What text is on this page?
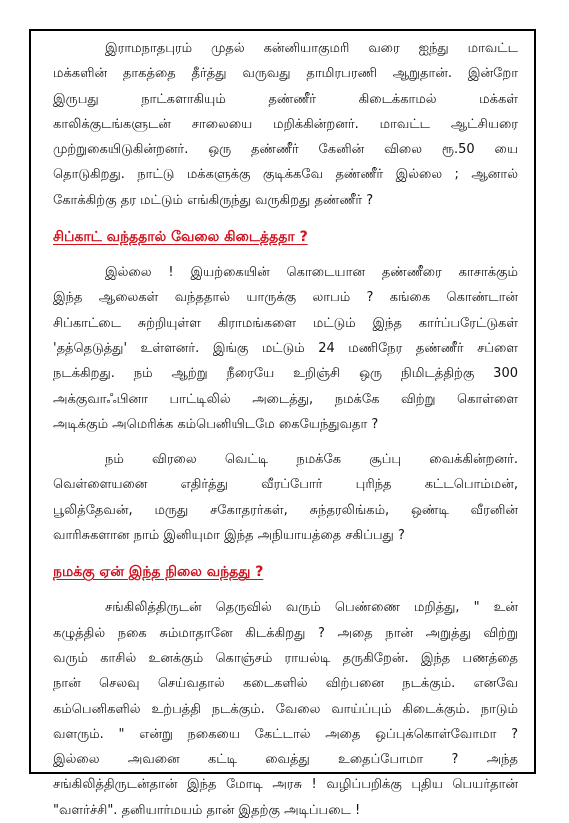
இராமநாதபுரம் முதல் கன்னியாகுமரி வரை ஐந்து மாவட்ட
மக்களின் தாகத்தை தீர்த்து வருவது தாமிரபரணி ஆறுதான். இன்றோ
இருபது நாட்களாகியும் தண்ணீர் கிடைக்காமல் மக்கள்
காலிக்குடங்களுடன் சாலையை மறிக்கின்றனர். மாவட்ட ஆட்சியரை
முற்றுகையிடுகின்றனர். ஒரு தண்ணீர் கேனின் விலை ரூ.50 யை
தொடுகிறது. நாட்டு மக்களுக்கு குடிக்கவே தண்ணீர் இல்லை ; ஆனால்
கோக்கிற்கு தர மட்டும் எங்கிருந்து வருகிறது தண்ணீர் ?
சிப்காட் வந்ததால் வேலை கிடைத்ததா ?
இல்லை ! இயற்கையின் கொடையான தண்ணீரை காசாக்கும்
இந்த ஆலைகள் வந்ததால் யாருக்கு லாபம் ? கங்கை கொண்டான்
சிப்காட்டை சுற்றியுள்ள கிராமங்களை மட்டும் இந்த கார்ப்பரேட்டுகள்
'தத்தெடுத்து' உள்ளனர். இங்கு மட்டும் 24 மணிநேர தண்ணீர் சப்ளை
நடக்கிறது. நம் ஆற்று நீரையே உறிஞ்சி ஒரு நிமிடத்திற்கு 300
அக்குவாஃபினா பாட்டிலில் அடைத்து, நமக்கே விற்று கொள்ளை
அடிக்கும் அமெரிக்க கம்பெனியிடமே கையேந்துவதா ?
நம் விரலை வெட்டி நமக்கே சூப்பு வைக்கின்றனர்.
வெள்ளையனை எதிர்த்து வீரப்போர் புரிந்த கட்டபொம்மன்,
பூலித்தேவன், மருது சகோதரர்கள், சுந்தரலிங்கம், ஒண்டி வீரனின்
வாரிசுகளான நாம் இனியுமா இந்த அநியாயத்தை சகிப்பது ?
நமக்கு ஏன் இந்த நிலை வந்தது ?
சங்கிலித்திருடன் தெருவில் வரும் பெண்ணை மறித்து, " உன்
கழுத்தில் நகை சும்மாதானே கிடக்கிறது ? அதை நான் அறுத்து விற்று
வரும் காசில் உனக்கும் கொஞ்சம் ராயல்டி தருகிறேன். இந்த பணத்தை
நான் செலவு செய்வதால் கடைகளில் விற்பனை நடக்கும். எனவே
கம்பெனிகளில் உற்பத்தி நடக்கும். வேலை வாய்ப்பும் கிடைக்கும். நாடும்
வளரும். " என்று நகையை கேட்டால் அதை ஒப்புக்கொள்வோமா ?
இல்லை அவனை கட்டி வைத்து உதைப்போமா ? அந்த
சங்கிலித்திருடன்தான் இந்த மோடி அரசு ! வழிப்பறிக்கு புதிய பெயர்தான்
"வளர்ச்சி". தனியார்மயம் தான் இதற்கு அடிப்படை !
